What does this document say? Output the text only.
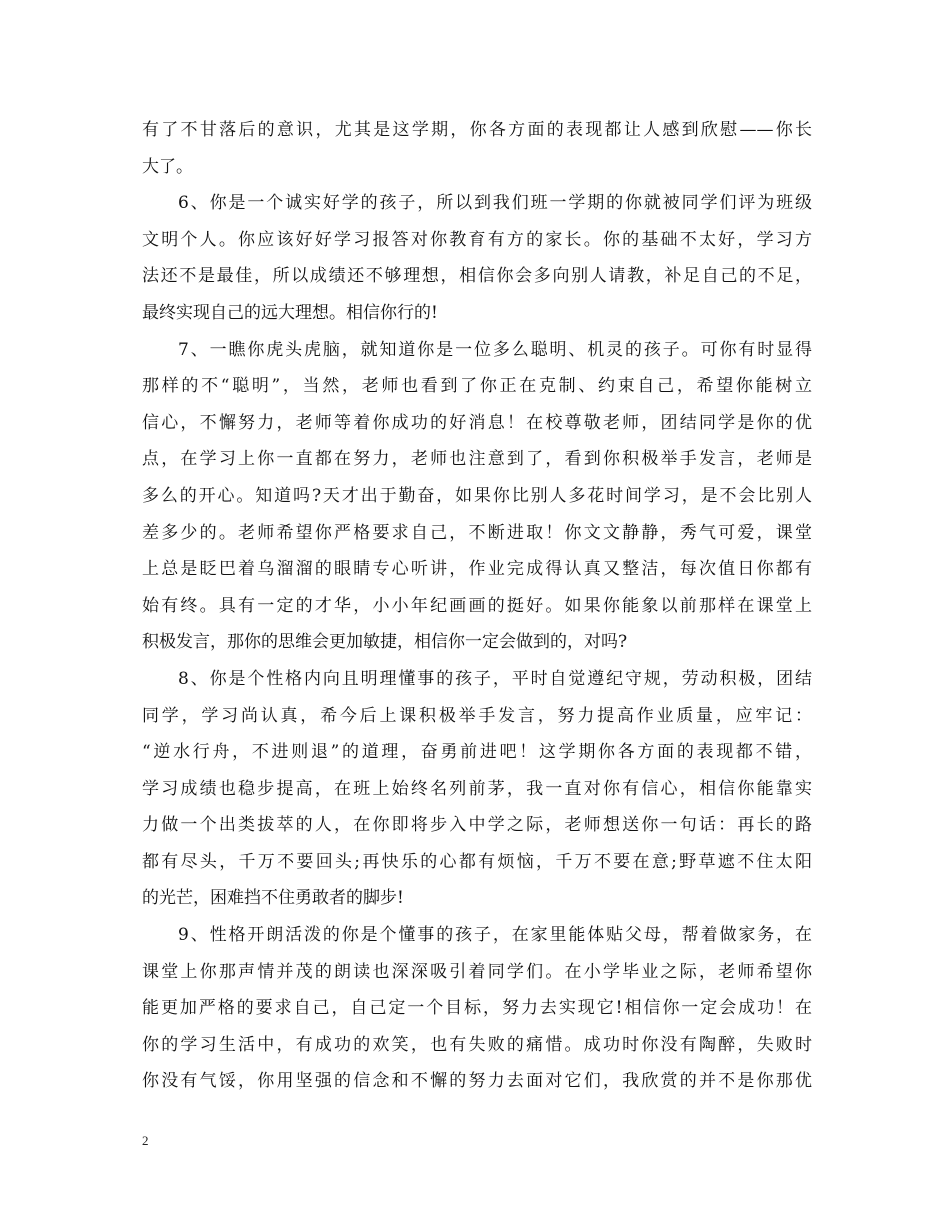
有了不甘落后的意识，尤其是这学期，你各方面的表现都让人感到欣慰——你长

大了。

6、你是一个诚实好学的孩子，所以到我们班一学期的你就被同学们评为班级

文明个人。你应该好好学习报答对你教育有方的家长。你的基础不太好，学习方

法还不是最佳，所以成绩还不够理想，相信你会多向别人请教，补足自己的不足，

最终实现自己的远大理想。相信你行的!

7、一瞧你虎头虎脑，就知道你是一位多么聪明、机灵的孩子。可你有时显得

那样的不“聪明”，当然，老师也看到了你正在克制、约束自己，希望你能树立

信心，不懈努力，老师等着你成功的好消息！在校尊敬老师，团结同学是你的优

点，在学习上你一直都在努力，老师也注意到了，看到你积极举手发言，老师是

多么的开心。知道吗?天才出于勤奋，如果你比别人多花时间学习，是不会比别人

差多少的。老师希望你严格要求自己，不断进取！你文文静静，秀气可爱，课堂

上总是眨巴着乌溜溜的眼睛专心听讲，作业完成得认真又整洁，每次值日你都有

始有终。具有一定的才华，小小年纪画画的挺好。如果你能象以前那样在课堂上

积极发言，那你的思维会更加敏捷，相信你一定会做到的，对吗?

8、你是个性格内向且明理懂事的孩子，平时自觉遵纪守规，劳动积极，团结

同学，学习尚认真，希今后上课积极举手发言，努力提高作业质量，应牢记：

“逆水行舟，不进则退”的道理，奋勇前进吧！这学期你各方面的表现都不错，

学习成绩也稳步提高，在班上始终名列前茅，我一直对你有信心，相信你能靠实

力做一个出类拔萃的人，在你即将步入中学之际，老师想送你一句话：再长的路

都有尽头，千万不要回头;再快乐的心都有烦恼，千万不要在意;野草遮不住太阳

的光芒，困难挡不住勇敢者的脚步!

9、性格开朗活泼的你是个懂事的孩子，在家里能体贴父母，帮着做家务，在

课堂上你那声情并茂的朗读也深深吸引着同学们。在小学毕业之际，老师希望你

能更加严格的要求自己，自己定一个目标，努力去实现它!相信你一定会成功！在

你的学习生活中，有成功的欢笑，也有失败的痛惜。成功时你没有陶醉，失败时

你没有气馁，你用坚强的信念和不懈的努力去面对它们，我欣赏的并不是你那优

2
